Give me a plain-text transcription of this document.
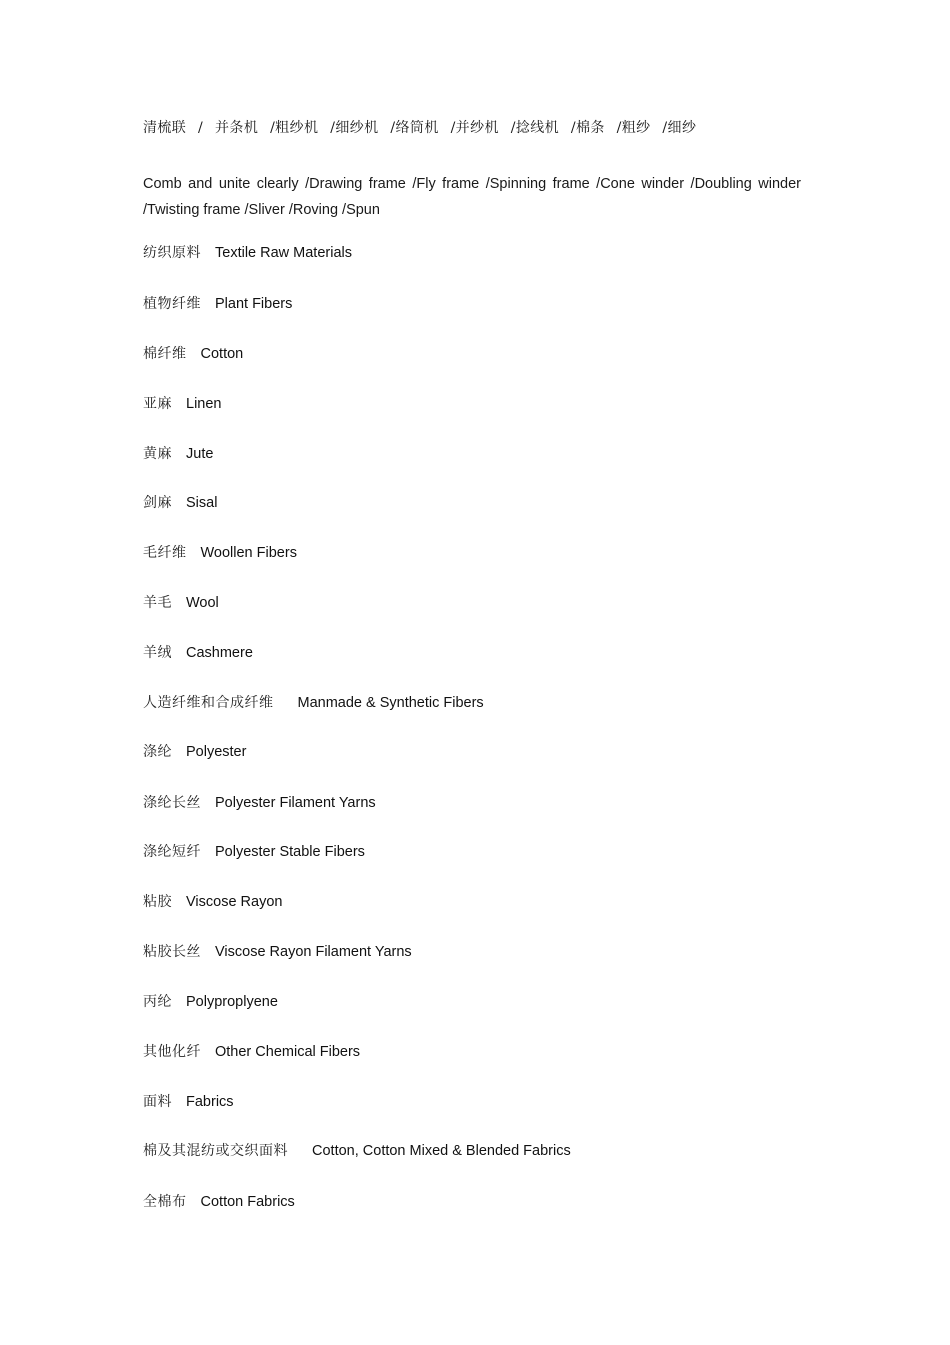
清梳联 / 并条机 /粗纱机 /细纱机 /络筒机 /并纱机 /捻线机 /棉条 /粗纱 /细纱
Comb and unite clearly /Drawing frame /Fly frame /Spinning frame /Cone winder /Doubling winder /Twisting frame /Sliver /Roving /Spun
纺织原料 Textile Raw Materials
植物纤维 Plant Fibers
棉纤维 Cotton
亚麻 Linen
黄麻 Jute
剑麻 Sisal
毛纤维 Woollen Fibers
羊毛 Wool
羊绒 Cashmere
人造纤维和合成纤维 Manmade & Synthetic Fibers
涤纶 Polyester
涤纶长丝 Polyester Filament Yarns
涤纶短纤 Polyester Stable Fibers
粘胶 Viscose Rayon
粘胶长丝 Viscose Rayon Filament Yarns
丙纶 Polyproplyene
其他化纤 Other Chemical Fibers
面料 Fabrics
棉及其混纺或交织面料 Cotton, Cotton Mixed & Blended Fabrics
全棉布 Cotton Fabrics
